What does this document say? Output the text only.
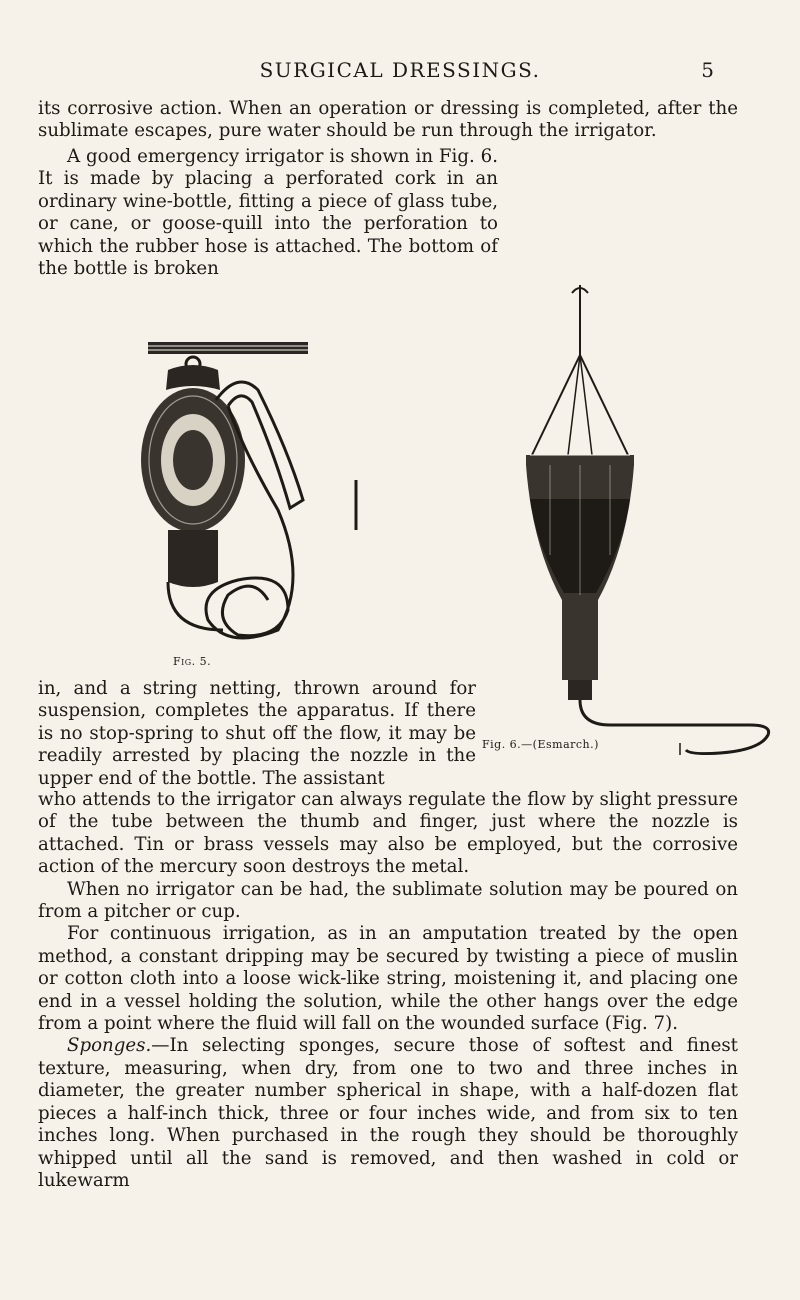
SURGICAL DRESSINGS.	5

its corrosive action. When an operation or dressing is completed, after the sublimate escapes, pure water should be run through the irrigator.

A good emergency irrigator is shown in Fig. 6. It is made by placing a perforated cork in an ordinary wine-bottle, fitting a piece of glass tube, or cane, or goose-quill into the perforation to which the rubber hose is attached. The bottom of the bottle is broken

Fig. 5.
Fig. 6.—(Esmarch.)

in, and a string netting, thrown around for suspension, completes the apparatus. If there is no stop-spring to shut off the flow, it may be readily arrested by placing the nozzle in the upper end of the bottle. The assistant

who attends to the irrigator can always regulate the flow by slight pressure of the tube between the thumb and finger, just where the nozzle is attached. Tin or brass vessels may also be employed, but the corrosive action of the mercury soon destroys the metal.

When no irrigator can be had, the sublimate solution may be poured on from a pitcher or cup.

For continuous irrigation, as in an amputation treated by the open method, a constant dripping may be secured by twisting a piece of muslin or cotton cloth into a loose wick-like string, moistening it, and placing one end in a vessel holding the solution, while the other hangs over the edge from a point where the fluid will fall on the wounded surface (Fig. 7).

Sponges.—In selecting sponges, secure those of softest and finest texture, measuring, when dry, from one to two and three inches in diameter, the greater number spherical in shape, with a half-dozen flat pieces a half-inch thick, three or four inches wide, and from six to ten inches long. When purchased in the rough they should be thoroughly whipped until all the sand is removed, and then washed in cold or lukewarm
